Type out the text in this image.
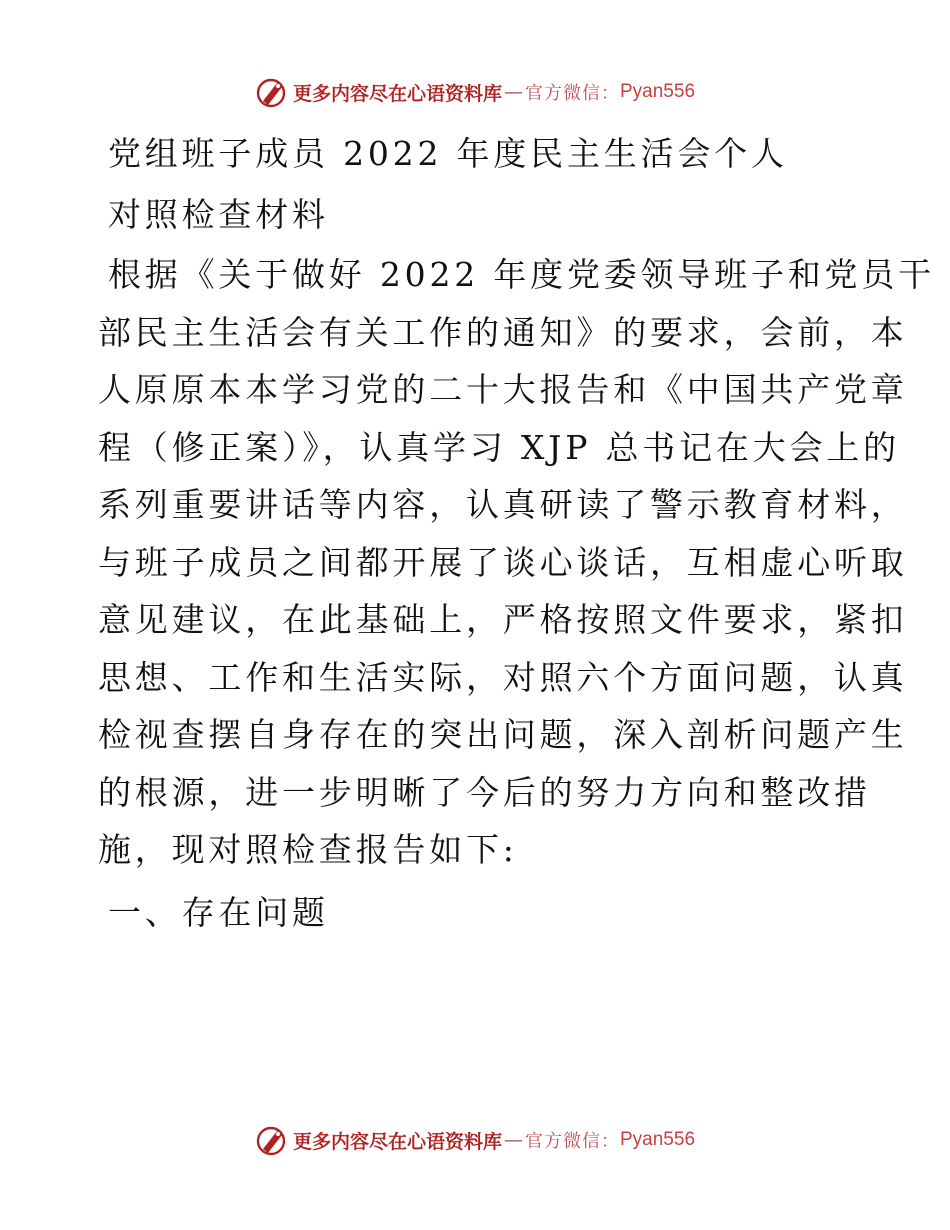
更多内容尽在心语资料库 — 官方微信： Pyan556
党组班子成员 2022 年度民主生活会个人
对照检查材料
根据《关于做好 2022 年度党委领导班子和党员干
部民主生活会有关工作的通知》的要求，会前，本
人原原本本学习党的二十大报告和《中国共产党章
程（修正案）》，认真学习 XJP 总书记在大会上的
系列重要讲话等内容，认真研读了警示教育材料，
与班子成员之间都开展了谈心谈话，互相虚心听取
意见建议，在此基础上，严格按照文件要求，紧扣
思想、工作和生活实际，对照六个方面问题，认真
检视查摆自身存在的突出问题，深入剖析问题产生
的根源，进一步明晰了今后的努力方向和整改措
施，现对照检查报告如下:
一、存在问题
更多内容尽在心语资料库 — 官方微信： Pyan556
